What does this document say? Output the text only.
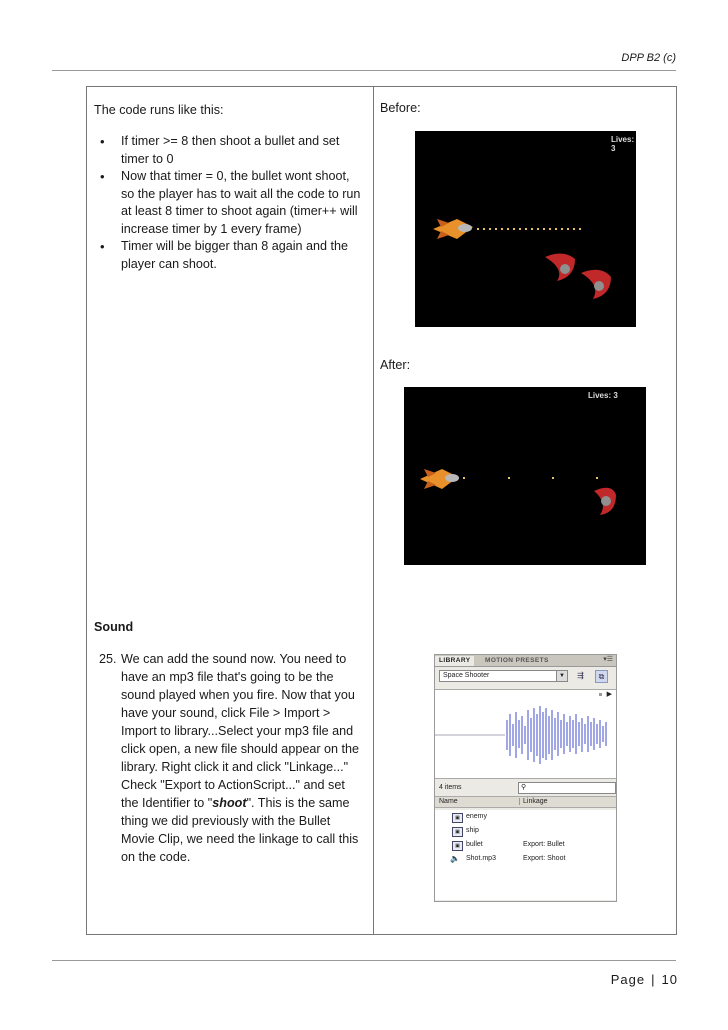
DPP B2 (c)
The code runs like this:
• If timer >= 8 then shoot a bullet and set timer to 0
• Now that timer = 0, the bullet wont shoot, so the player has to wait all the code to run at least 8 timer to shoot again (timer++ will increase timer by 1 every frame)
• Timer will be bigger than 8 again and the player can shoot.
Sound
25. We can add the sound now. You need to have an mp3 file that's going to be the sound played when you fire. Now that you have your sound, click File > Import > Import to library...Select your mp3 file and click open, a new file should appear on the library. Right click it and click "Linkage..." Check "Export to ActionScript..." and set the Identifier to "shoot". This is the same thing we did previously with the Bullet Movie Clip, we need the linkage to call this on the code.

Before:
Lives: 3
After:
Lives: 3
LIBRARY	MOTION PRESETS	▾☰
Space Shooter	▼ ⇶	⧉
▶
4 items	⚲
Name	Linkage
▣ enemy
▣ ship
▣ bullet	Export: Bullet
🔈 Shot.mp3	Export: Shoot
Page | 10
